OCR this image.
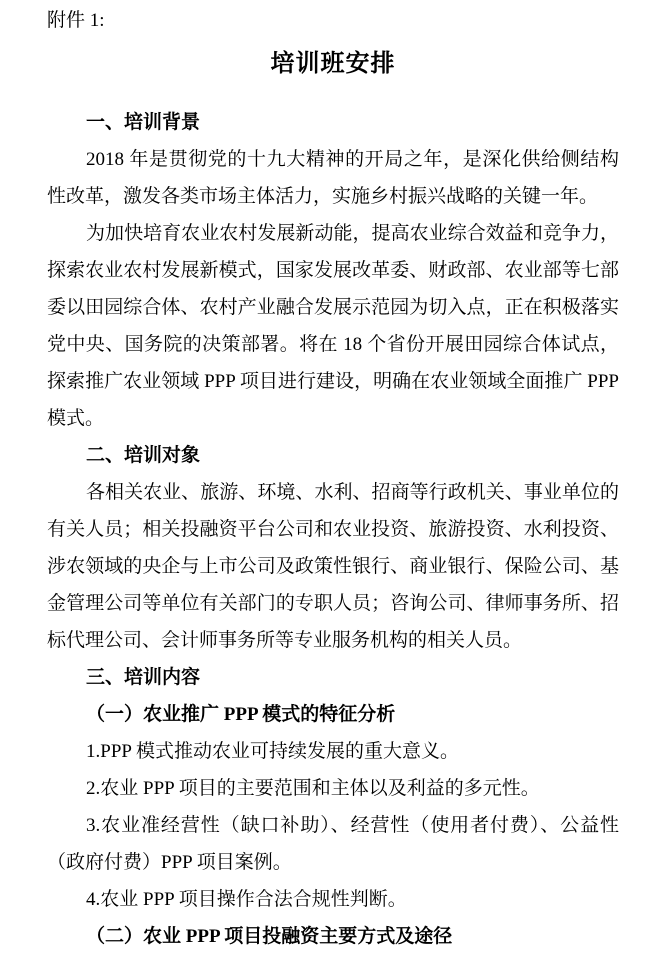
附件 1:
培训班安排

一、培训背景

2018 年是贯彻党的十九大精神的开局之年，是深化供给侧结构性改革，激发各类市场主体活力，实施乡村振兴战略的关键一年。

为加快培育农业农村发展新动能，提高农业综合效益和竞争力，探索农业农村发展新模式，国家发展改革委、财政部、农业部等七部委以田园综合体、农村产业融合发展示范园为切入点，正在积极落实党中央、国务院的决策部署。将在 18 个省份开展田园综合体试点，探索推广农业领域 PPP 项目进行建设，明确在农业领域全面推广 PPP 模式。

二、培训对象

各相关农业、旅游、环境、水利、招商等行政机关、事业单位的有关人员；相关投融资平台公司和农业投资、旅游投资、水利投资、涉农领域的央企与上市公司及政策性银行、商业银行、保险公司、基金管理公司等单位有关部门的专职人员；咨询公司、律师事务所、招标代理公司、会计师事务所等专业服务机构的相关人员。

三、培训内容

（一）农业推广 PPP 模式的特征分析

1.PPP 模式推动农业可持续发展的重大意义。

2.农业 PPP 项目的主要范围和主体以及利益的多元性。

3.农业准经营性（缺口补助）、经营性（使用者付费）、公益性（政府付费）PPP 项目案例。

4.农业 PPP 项目操作合法合规性判断。

（二）农业 PPP 项目投融资主要方式及途径
